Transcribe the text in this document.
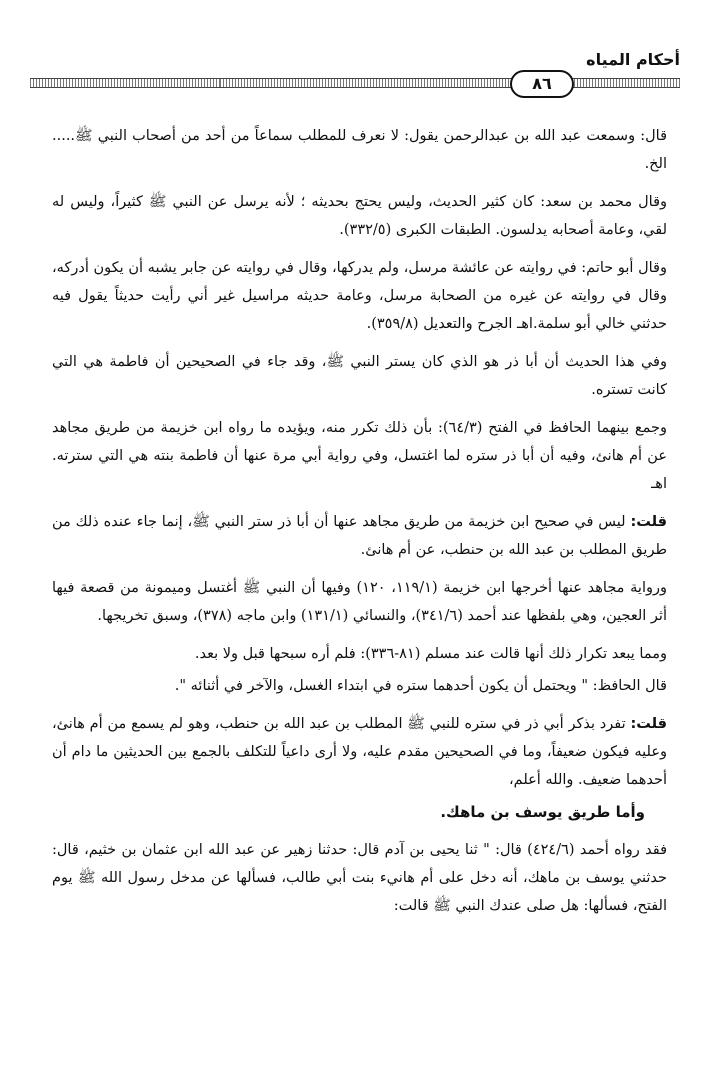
أحكام المياه
٨٦

قال: وسمعت عبد الله بن عبدالرحمن يقول: لا نعرف للمطلب سماعاً من أحد من أصحاب النبي ﷺ..... الخ.

وقال محمد بن سعد: كان كثير الحديث، وليس يحتج بحديثه ؛ لأنه يرسل عن النبي ﷺ كثيراً، وليس له لقي، وعامة أصحابه يدلسون. الطبقات الكبرى (٣٣٢/٥).

وقال أبو حاتم: في روايته عن عائشة مرسل، ولم يدركها، وقال في روايته عن جابر يشبه أن يكون أدركه، وقال في روايته عن غيره من الصحابة مرسل، وعامة حديثه مراسيل غير أني رأيت حديثاً يقول فيه حدثني خالي أبو سلمة.اهـ الجرح والتعديل (٣٥٩/٨).

وفي هذا الحديث أن أبا ذر هو الذي كان يستر النبي ﷺ، وقد جاء في الصحيحين أن فاطمة هي التي كانت تستره.

وجمع بينهما الحافظ في الفتح (٦٤/٣): بأن ذلك تكرر منه، ويؤيده ما رواه ابن خزيمة من طريق مجاهد عن أم هانئ، وفيه أن أبا ذر ستره لما اغتسل، وفي رواية أبي مرة عنها أن فاطمة بنته هي التي سترته. اهـ

قلت: ليس في صحيح ابن خزيمة من طريق مجاهد عنها أن أبا ذر ستر النبي ﷺ، إنما جاء عنده ذلك من طريق المطلب بن عبد الله بن حنطب، عن أم هانئ.

ورواية مجاهد عنها أخرجها ابن خزيمة (١١٩/١، ١٢٠) وفيها أن النبي ﷺ أغتسل وميمونة من قصعة فيها أثر العجين، وهي بلفظها عند أحمد (٣٤١/٦)، والنسائي (١٣١/١) وابن ماجه (٣٧٨)، وسبق تخريجها.

ومما يبعد تكرار ذلك أنها قالت عند مسلم (٨١-٣٣٦): فلم أره سبحها قبل ولا بعد.

قال الحافظ: " ويحتمل أن يكون أحدهما ستره في ابتداء الغسل، والآخر في أثنائه ".

قلت: تفرد بذكر أبي ذر في ستره للنبي ﷺ المطلب بن عبد الله بن حنطب، وهو لم يسمع من أم هانئ، وعليه فيكون ضعيفاً، وما في الصحيحين مقدم عليه، ولا أرى داعياً للتكلف بالجمع بين الحديثين ما دام أن أحدهما ضعيف. والله أعلم،

وأما طريق يوسف بن ماهك.

فقد رواه أحمد (٤٢٤/٦) قال: " ثنا يحيى بن آدم قال: حدثنا زهير عن عبد الله ابن عثمان بن خثيم، قال: حدثني يوسف بن ماهك، أنه دخل على أم هانيء بنت أبي طالب، فسألها عن مدخل رسول الله ﷺ يوم الفتح، فسألها: هل صلى عندك النبي ﷺ قالت:
